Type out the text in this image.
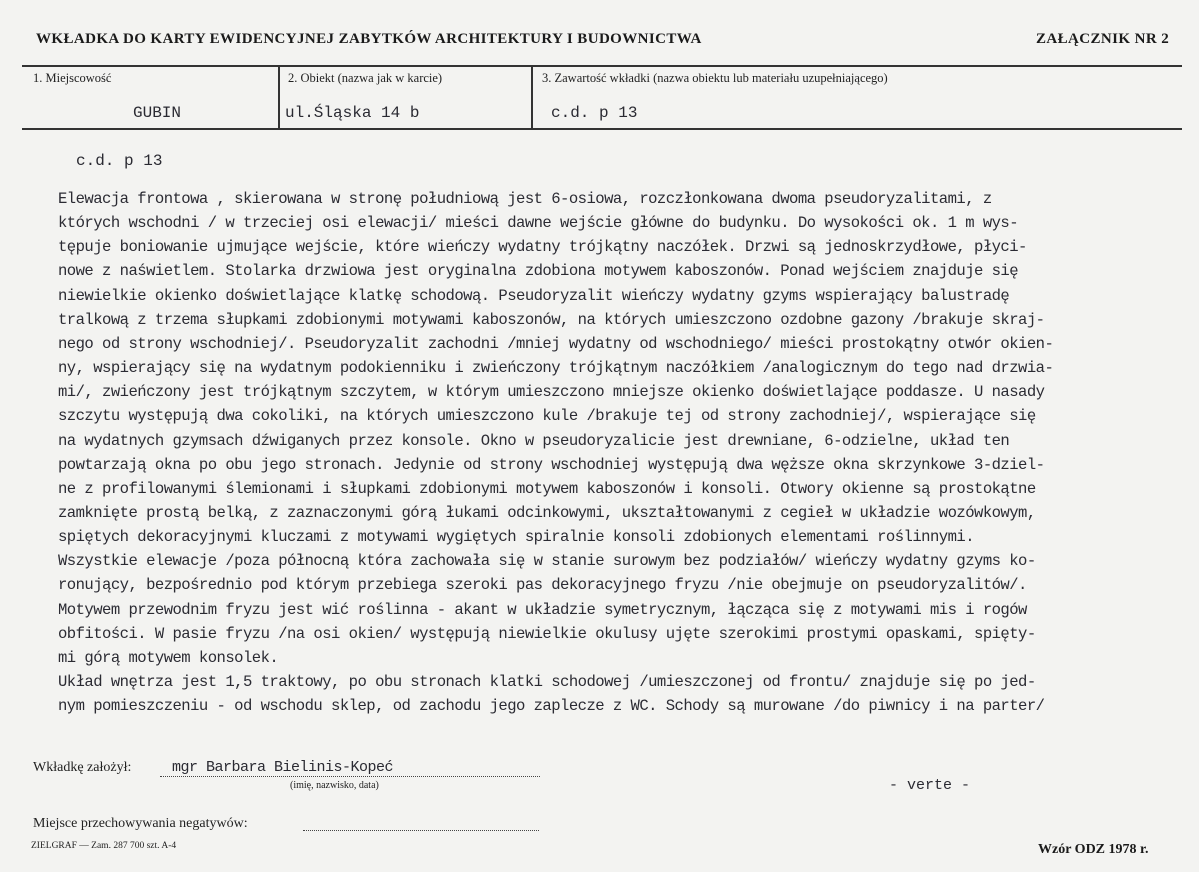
WKŁADKA DO KARTY EWIDENCYJNEJ ZABYTKÓW ARCHITEKTURY I BUDOWNICTWA	ZAŁĄCZNIK NR 2
1. Miejscowość	2. Obiekt (nazwa jak w karcie)	3. Zawartość wkładki (nazwa obiektu lub materiału uzupełniającego)
GUBIN	ul.Śląska 14 b	c.d. p 13
c.d. p 13
Elewacja frontowa , skierowana w stronę południową jest 6-osiowa, rozczłonkowana dwoma pseudoryzalitami, z
których wschodni / w trzeciej osi elewacji/ mieści dawne wejście główne do budynku. Do wysokości ok. 1 m wys-
tępuje boniowanie ujmujące wejście, które wieńczy wydatny trójkątny naczółek. Drzwi są jednoskrzydłowe, płyci-
nowe z naświetlem. Stolarka drzwiowa jest oryginalna zdobiona motywem kaboszonów. Ponad wejściem znajduje się
niewielkie okienko doświetlające klatkę schodową. Pseudoryzalit wieńczy wydatny gzyms wspierający balustradę
tralkową z trzema słupkami zdobionymi motywami kaboszonów, na których umieszczono ozdobne gazony /brakuje skraj-
nego od strony wschodniej/. Pseudoryzalit zachodni /mniej wydatny od wschodniego/ mieści prostokątny otwór okien-
ny, wspierający się na wydatnym podokienniku i zwieńczony trójkątnym naczółkiem /analogicznym do tego nad drzwia-
mi/, zwieńczony jest trójkątnym szczytem, w którym umieszczono mniejsze okienko doświetlające poddasze. U nasady
szczytu występują dwa cokoliki, na których umieszczono kule /brakuje tej od strony zachodniej/, wspierające się
na wydatnych gzymsach dźwiganych przez konsole. Okno w pseudoryzalicie jest drewniane, 6-odzielne, układ ten
powtarzają okna po obu jego stronach. Jedynie od strony wschodniej występują dwa węższe okna skrzynkowe 3-dziel-
ne z profilowanymi ślemionami i słupkami zdobionymi motywem kaboszonów i konsoli. Otwory okienne są prostokątne
zamknięte prostą belką, z zaznaczonymi górą łukami odcinkowymi, ukształtowanymi z cegieł w układzie wozówkowym,
spiętych dekoracyjnymi kluczami z motywami wygiętych spiralnie konsoli zdobionych elementami roślinnymi.
Wszystkie elewacje /poza północną która zachowała się w stanie surowym bez podziałów/ wieńczy wydatny gzyms ko-
ronujący, bezpośrednio pod którym przebiega szeroki pas dekoracyjnego fryzu /nie obejmuje on pseudoryzalitów/.
Motywem przewodnim fryzu jest wić roślinna - akant w układzie symetrycznym, łącząca się z motywami mis i rogów
obfitości. W pasie fryzu /na osi okien/ występują niewielkie okulusy ujęte szerokimi prostymi opaskami, spięty-
mi górą motywem konsolek.
Układ wnętrza jest 1,5 traktowy, po obu stronach klatki schodowej /umieszczonej od frontu/ znajduje się po jed-
nym pomieszczeniu - od wschodu sklep, od zachodu jego zaplecze z WC. Schody są murowane /do piwnicy i na parter/
Wkładkę założył:	mgr Barbara Bielinis-Kopeć
(imię, nazwisko, data)	- verte -
Miejsce przechowywania negatywów:
ZIELGRAF — Zam. 287 700 szt. A-4	Wzór ODZ 1978 r.
